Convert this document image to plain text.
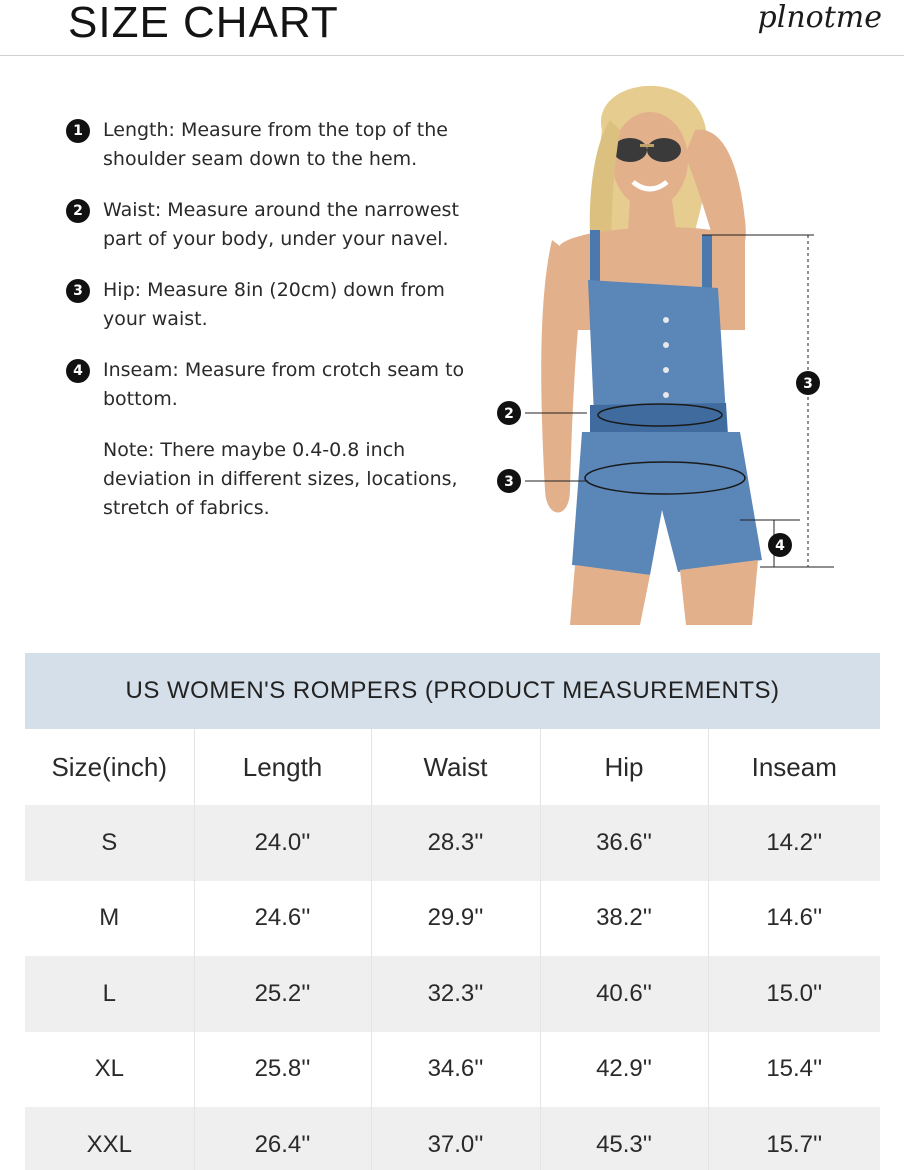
SIZE CHART	plnotme
1	Length: Measure from the top of the shoulder seam down to the hem.
2	Waist: Measure around the narrowest part of your body, under your navel.
3	Hip: Measure 8in (20cm) down from your waist.
4	Inseam: Measure from crotch seam to bottom.
Note: There maybe 0.4-0.8 inch deviation in different sizes, locations, stretch of fabrics.
2
3
3
4
US WOMEN'S ROMPERS (PRODUCT MEASUREMENTS)
Size(inch)	Length	Waist	Hip	Inseam
S	24.0''	28.3''	36.6''	14.2''
M	24.6''	29.9''	38.2''	14.6''
L	25.2''	32.3''	40.6''	15.0''
XL	25.8''	34.6''	42.9''	15.4''
XXL	26.4''	37.0''	45.3''	15.7''
